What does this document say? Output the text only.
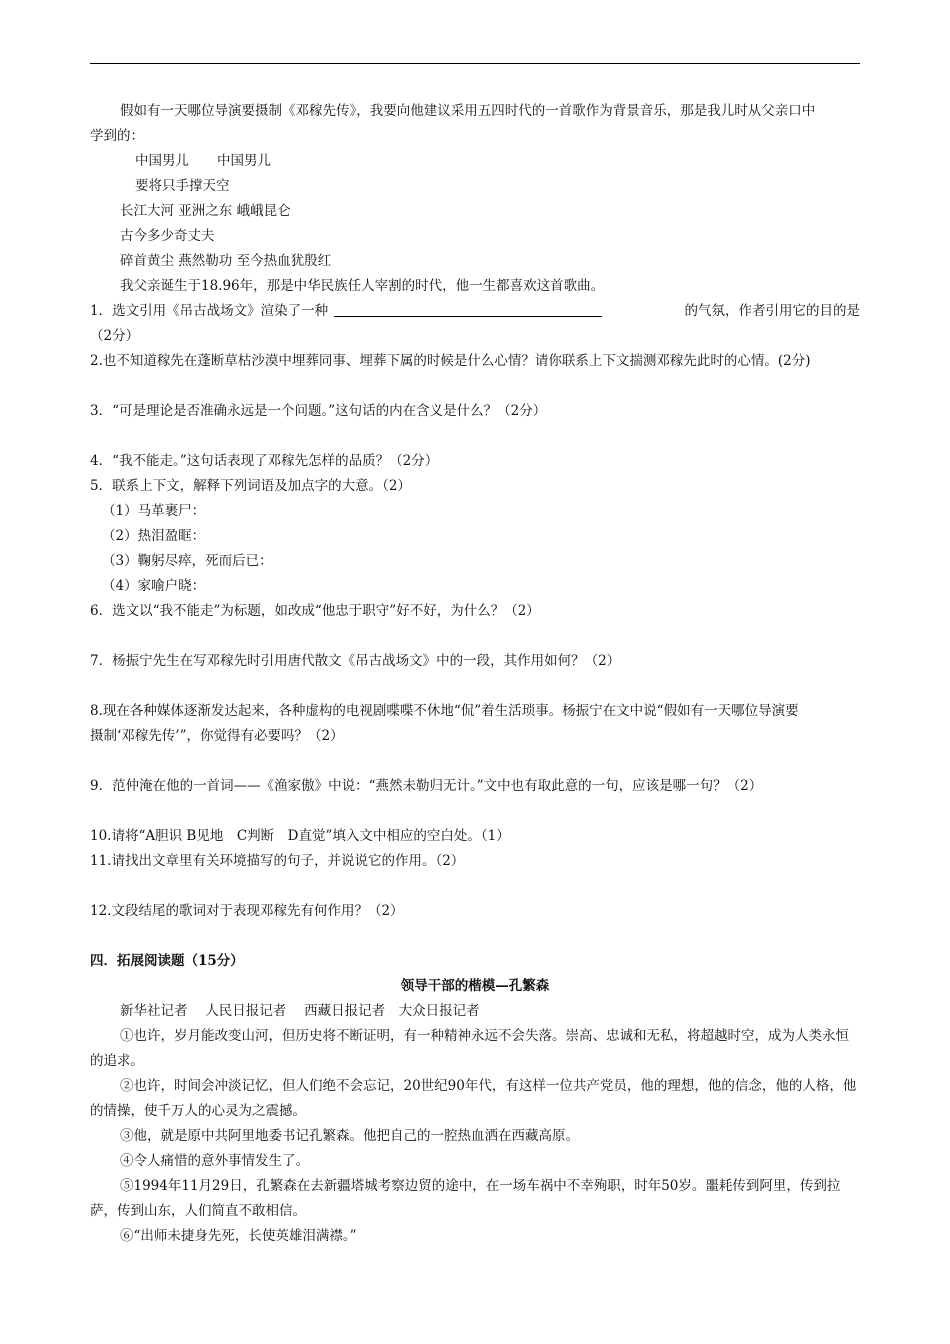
假如有一天哪位导演要摄制《邓稼先传》，我要向他建议采用五四时代的一首歌作为背景音乐，那是我儿时从父亲口中
学到的：
中国男儿 中国男儿
要将只手撑天空
长江大河 亚洲之东 峨峨昆仑
古今多少奇丈夫
碎首黄尘 燕然勒功 至今热血犹殷红
我父亲诞生于18.96年，那是中华民族任人宰割的时代，他一生都喜欢这首歌曲。
1．选文引用《吊古战场文》渲染了一种	的气氛，作者引用它的目的是
（2分）
2.也不知道稼先在蓬断草枯沙漠中埋葬同事、埋葬下属的时候是什么心情？请你联系上下文揣测邓稼先此时的心情。(2分)
3．“可是理论是否准确永远是一个问题。”这句话的内在含义是什么？（2分）
4．“我不能走。”这句话表现了邓稼先怎样的品质？（2分）
5．联系上下文，解释下列词语及加点字的大意。（2）
（1）马革裹尸：
（2）热泪盈眶：
（3）鞠躬尽瘁，死而后已：
（4）家喻户晓：
6．选文以“我不能走”为标题，如改成“他忠于职守”好不好，为什么？（2）
7．杨振宁先生在写邓稼先时引用唐代散文《吊古战场文》中的一段，其作用如何？（2）
8.现在各种媒体逐渐发达起来，各种虚构的电视剧喋喋不休地“侃”着生活琐事。杨振宁在文中说“假如有一天哪位导演要
摄制‘邓稼先传’”，你觉得有必要吗？（2）
9．范仲淹在他的一首词——《渔家傲》中说：“燕然未勒归无计。”文中也有取此意的一句，应该是哪一句？（2）
10.请将“A胆识 B见地　C判断　D直觉”填入文中相应的空白处。（1）
11.请找出文章里有关环境描写的句子，并说说它的作用。（2）
12.文段结尾的歌词对于表现邓稼先有何作用？（2）
四．拓展阅读题（15分）
领导干部的楷模—孔繁森
新华社记者　 人民日报记者　 西藏日报记者　大众日报记者
①也许，岁月能改变山河，但历史将不断证明，有一种精神永远不会失落。崇高、忠诚和无私，将超越时空，成为人类永恒
的追求。
②也许，时间会冲淡记忆，但人们绝不会忘记，20世纪90年代，有这样一位共产党员，他的理想，他的信念，他的人格，他
的情操，使千万人的心灵为之震撼。
③他，就是原中共阿里地委书记孔繁森。他把自己的一腔热血洒在西藏高原。
④令人痛惜的意外事情发生了。
⑤1994年11月29日，孔繁森在去新疆塔城考察边贸的途中，在一场车祸中不幸殉职，时年50岁。噩耗传到阿里，传到拉
萨，传到山东，人们简直不敢相信。
⑥“出师未捷身先死，长使英雄泪满襟。”
